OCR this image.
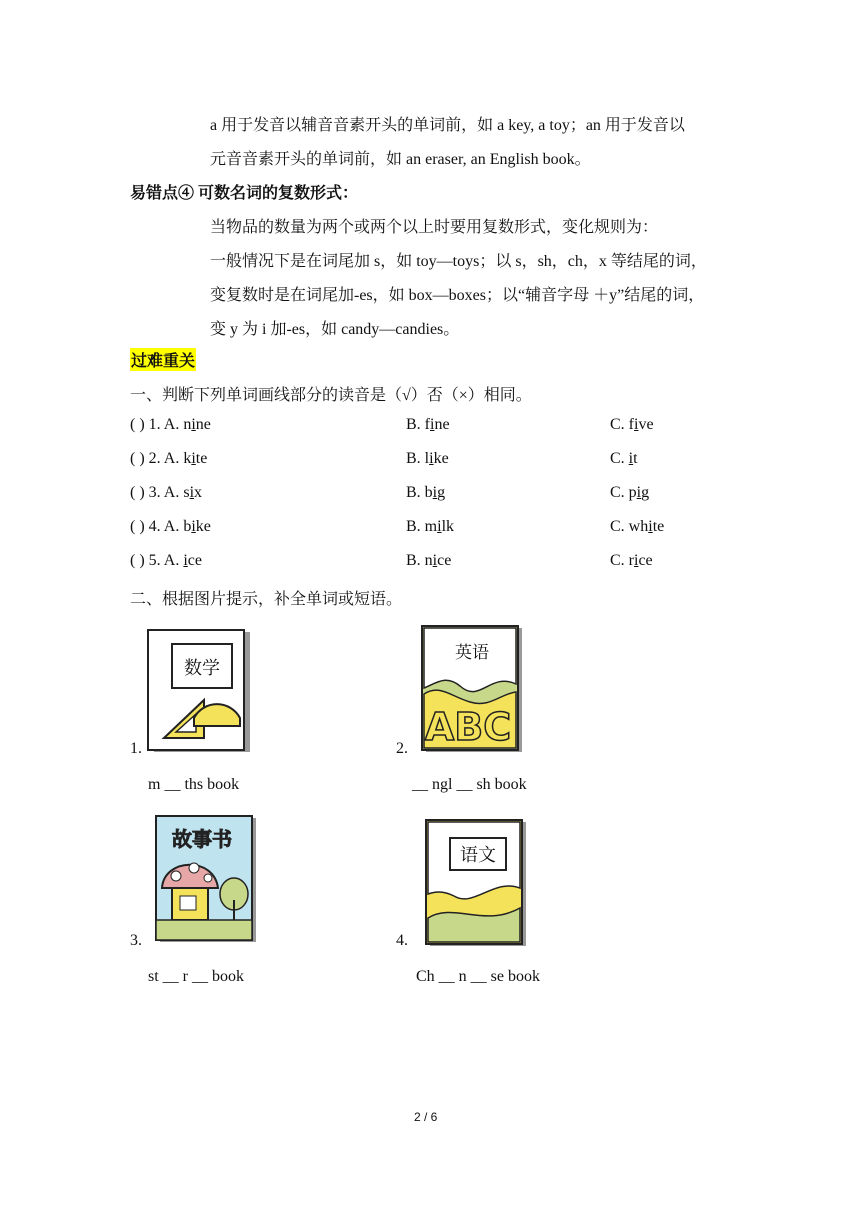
a 用于发音以辅音音素开头的单词前，如 a key, a toy；an 用于发音以
元音音素开头的单词前，如 an eraser, an English book。
易错点④ 可数名词的复数形式：
当物品的数量为两个或两个以上时要用复数形式，变化规则为：
一般情况下是在词尾加 s，如 toy—toys；以 s，sh，ch，x 等结尾的词，
变复数时是在词尾加-es，如 box—boxes；以“辅音字母 ＋y”结尾的词，
变 y 为 i 加-es，如 candy—candies。
过难重关
一、判断下列单词画线部分的读音是（√）否（×）相同。
( ) 1. A. nine	B. fine	C. five
( ) 2. A. kite	B. like	C. it
( ) 3. A. six	B. big	C. pig
( ) 4. A. bike	B. milk	C. white
( ) 5. A. ice	B. nice	C. rice
二、根据图片提示，补全单词或短语。
数学
1.
m __ ths book
英语
ABC
2.
__ ngl __ sh book
故事书
3.
st __ r __ book
语文
4.
Ch __ n __ se book
2 / 6
